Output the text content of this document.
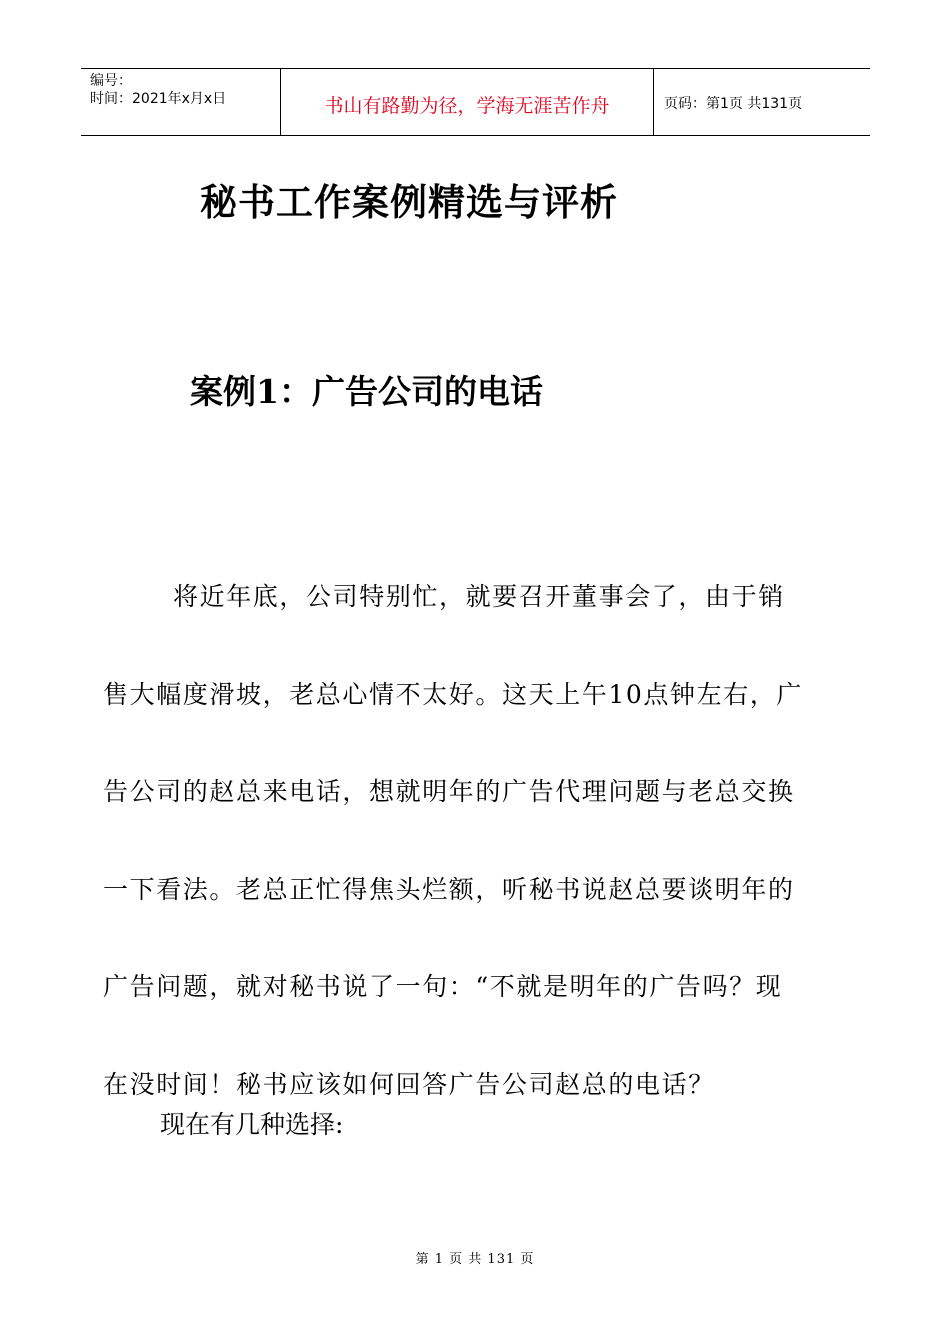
编号：
时间：2021年x月x日	书山有路勤为径，学海无涯苦作舟	页码：第1页 共131页
秘书工作案例精选与评析
案例1：广告公司的电话
将近年底，公司特别忙，就要召开董事会了，由于销
售大幅度滑坡，老总心情不太好。这天上午10点钟左右，广
告公司的赵总来电话，想就明年的广告代理问题与老总交换
一下看法。老总正忙得焦头烂额，听秘书说赵总要谈明年的
广告问题，就对秘书说了一句：“不就是明年的广告吗？现
在没时间！秘书应该如何回答广告公司赵总的电话？

现在有几种选择:

第 1 页 共 131 页
